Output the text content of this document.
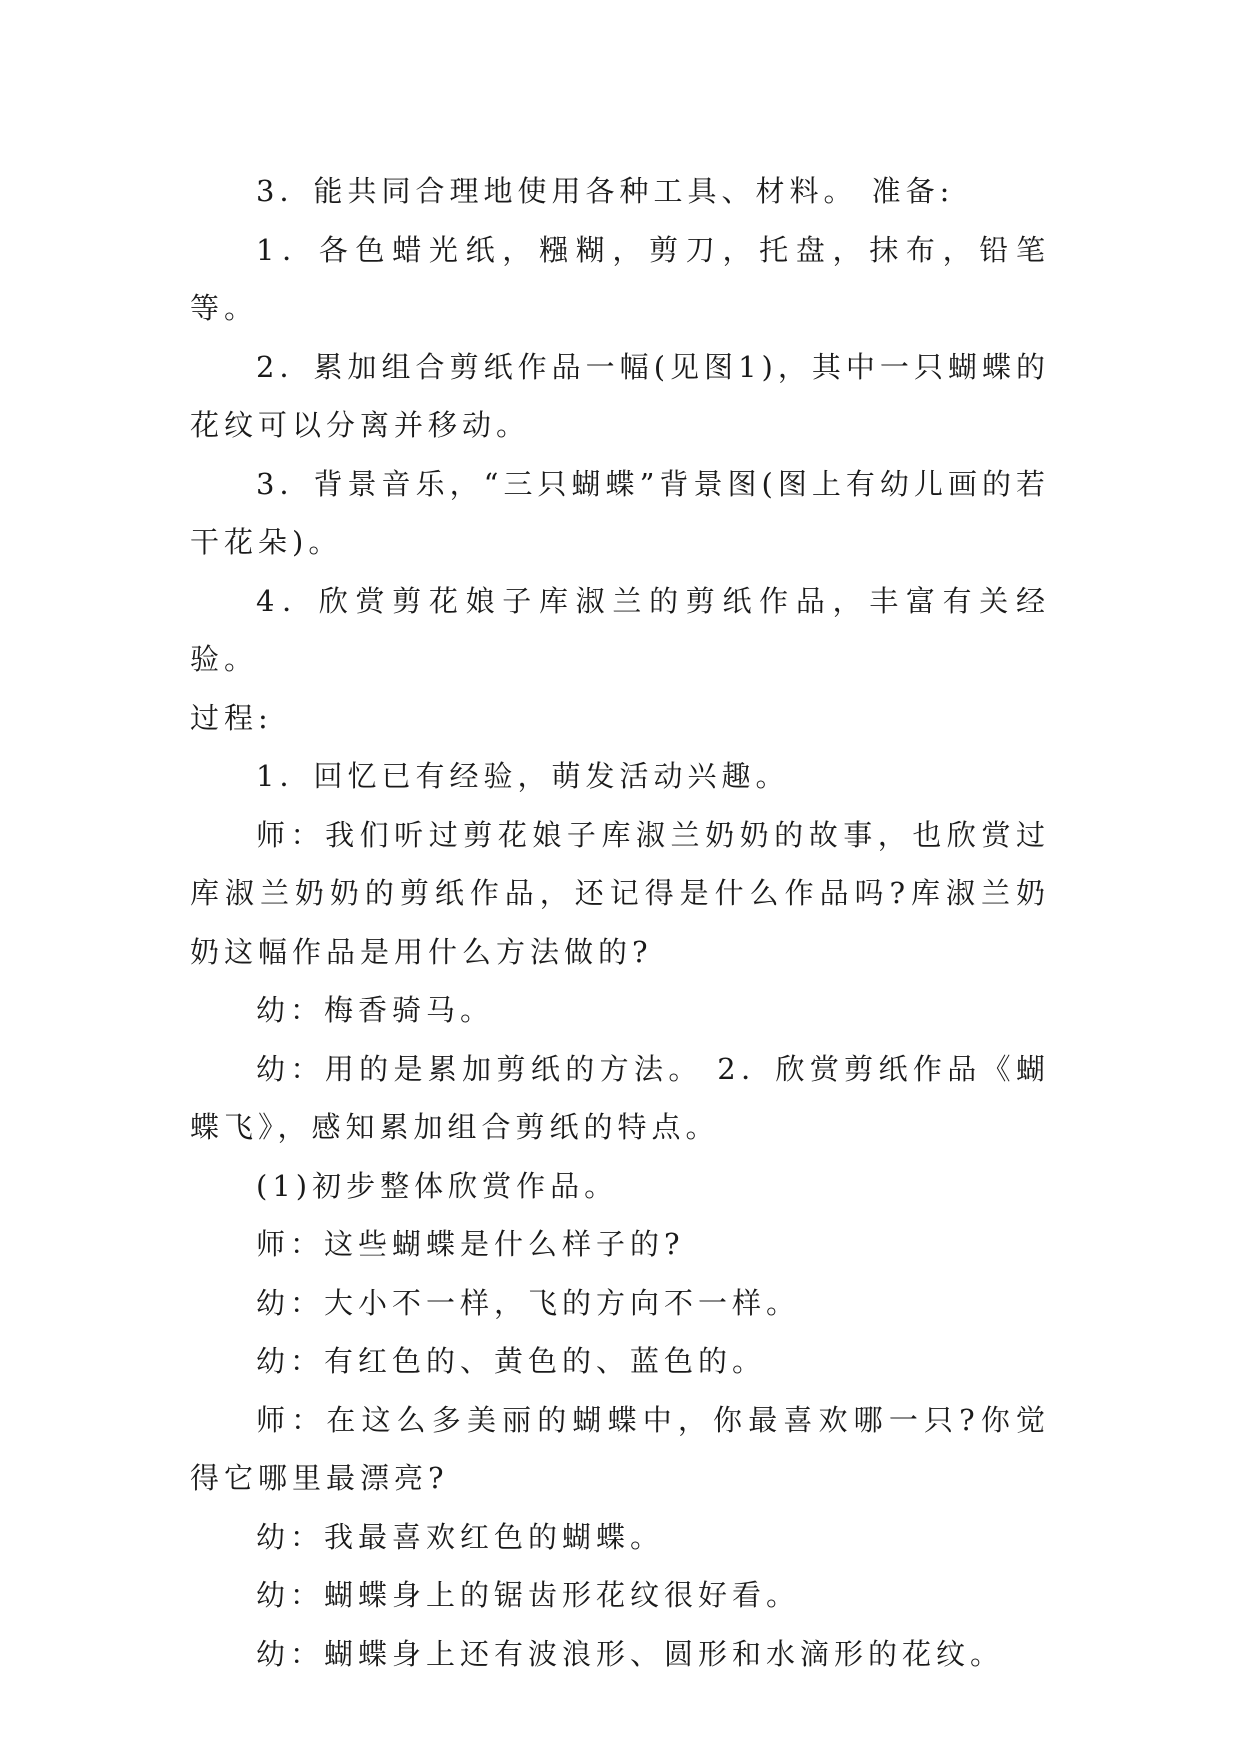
3．能共同合理地使用各种工具、材料。 准备:

1．各色蜡光纸，糨糊，剪刀，托盘，抹布，铅笔等。

2．累加组合剪纸作品一幅(见图1)，其中一只蝴蝶的花纹可以分离并移动。

3．背景音乐，“三只蝴蝶”背景图(图上有幼儿画的若干花朵)。

4．欣赏剪花娘子库淑兰的剪纸作品，丰富有关经验。

过程:

1．回忆已有经验，萌发活动兴趣。

师：我们听过剪花娘子库淑兰奶奶的故事，也欣赏过库淑兰奶奶的剪纸作品，还记得是什么作品吗?库淑兰奶奶这幅作品是用什么方法做的?

幼：梅香骑马。

幼：用的是累加剪纸的方法。 2．欣赏剪纸作品《蝴蝶飞》，感知累加组合剪纸的特点。

(1)初步整体欣赏作品。

师：这些蝴蝶是什么样子的?

幼：大小不一样，飞的方向不一样。

幼：有红色的、黄色的、蓝色的。

师：在这么多美丽的蝴蝶中，你最喜欢哪一只?你觉得它哪里最漂亮?

幼：我最喜欢红色的蝴蝶。

幼：蝴蝶身上的锯齿形花纹很好看。

幼：蝴蝶身上还有波浪形、圆形和水滴形的花纹。
